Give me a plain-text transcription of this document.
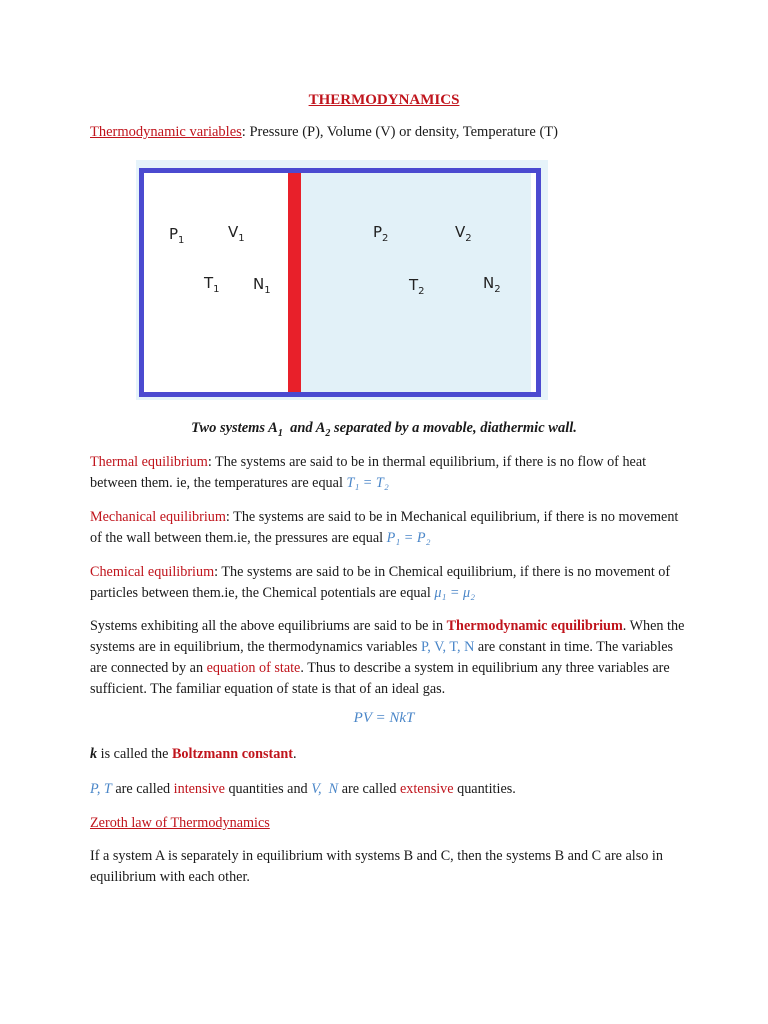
THERMODYNAMICS

Thermodynamic variables: Pressure (P), Volume (V) or density, Temperature (T)

$P_1$	$V_1$
$T_1$ $N_1$
$P_2$	$V_2$
$T_2$	$N_2$

Two systems $A_1$  and $A_2$ separated by a movable, diathermic wall.

Thermal equilibrium: The systems are said to be in thermal equilibrium, if there is no flow of heat between them. ie, the temperatures are equal T₁ = T₂

Mechanical equilibrium: The systems are said to be in Mechanical equilibrium, if there is no movement of the wall between them.ie, the pressures are equal P₁ = P₂

Chemical equilibrium: The systems are said to be in Chemical equilibrium, if there is no movement of particles between them.ie, the Chemical potentials are equal μ₁ = μ₂

Systems exhibiting all the above equilibriums are said to be in Thermodynamic equilibrium. When the systems are in equilibrium, the thermodynamics variables P, V, T, N are constant in time. The variables are connected by an equation of state. Thus to describe a system in equilibrium any three variables are sufficient. The familiar equation of state is that of an ideal gas.

PV = NkT

k is called the Boltzmann constant.

P, T are called intensive quantities and V,  N are called extensive quantities.

Zeroth law of Thermodynamics

If a system A is separately in equilibrium with systems B and C, then the systems B and C are also in equilibrium with each other.
